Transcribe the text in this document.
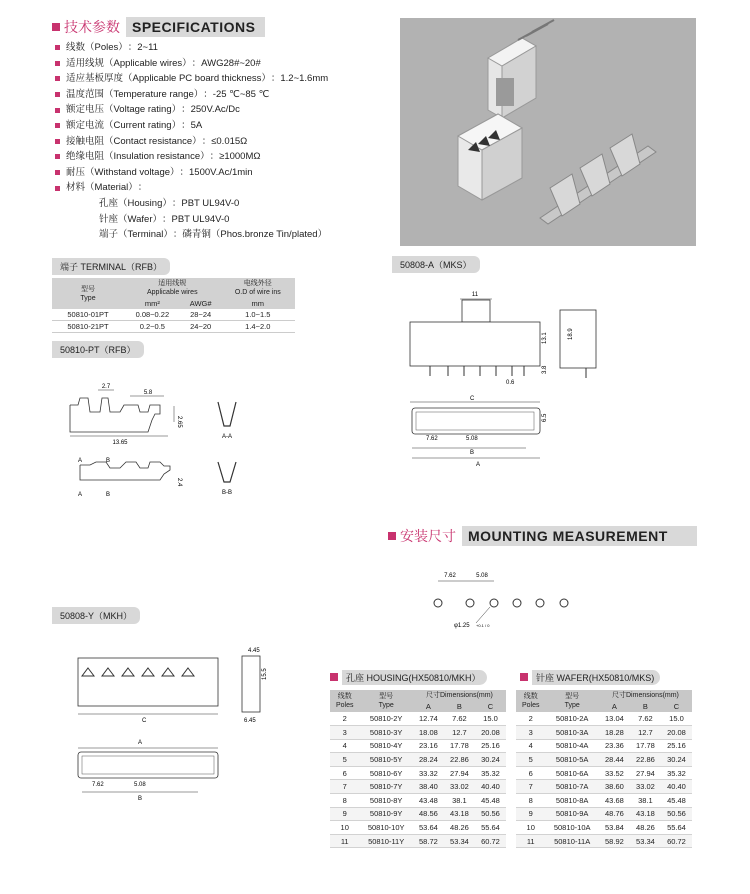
技术参数 SPECIFICATIONS
线数（Poles） ：2~11
适用线规（Applicable wires） ：AWG28#~20#
适应基板厚度（Applicable PC board thickness） ：1.2~1.6mm
温度范围（Temperature range） ：-25 ℃~85 ℃
额定电压（Voltage rating） ：250V.Ac/Dc
额定电流（Current rating） ：5A
接触电阻（Contact resistance） ：≤0.015Ω
绝缘电阻（Insulation resistance） ：≥1000MΩ
耐压（Withstand voltage） ：1500V.Ac/1min
材料（Material） ：
孔座（Housing） ：PBT UL94V-0
针座（Wafer） ：PBT UL94V-0
端子（Terminal） ：磷青铜（Phos.bronze Tin/plated）
端子 TERMINAL（RFB）
型号
Type	适用线规
Applicable wires		电线外径
O.D of wire ins
	mm²	AWG#	mm
50810-01PT	0.08~0.22	28~24	1.0~1.5
50810-21PT	0.2~0.5	24~20	1.4~2.0
50810-PT（RFB）
2.7
5.8
2.65
13.65
A-A
A	B
A	B
2.4
B-B
50808-A（MKS）
11
13.1
3.8
0.6
18.9
C
6.5
7.62	5.08
B
A
安装尺寸 MOUNTING MEASUREMENT
7.62	5.08
φ1.25 +0.1 / 0
50808-Y（MKH）
C
4.45
15.5
6.45
A
7.62	5.08
B
孔座 HOUSING(HX50810/MKH）
线数
Poles	型号
Type	尺寸Dimensions(mm)		
		A	B	C
2	50810-2Y	12.74	7.62	15.0
3	50810-3Y	18.08	12.7	20.08
4	50810-4Y	23.16	17.78	25.16
5	50810-5Y	28.24	22.86	30.24
6	50810-6Y	33.32	27.94	35.32
7	50810-7Y	38.40	33.02	40.40
8	50810-8Y	43.48	38.1	45.48
9	50810-9Y	48.56	43.18	50.56
10	50810-10Y	53.64	48.26	55.64
11	50810-11Y	58.72	53.34	60.72
针座 WAFER(HX50810/MKS)
线数
Poles	型号
Type	尺寸Dimensions(mm)		
		A	B	C
2	50810-2A	13.04	7.62	15.0
3	50810-3A	18.28	12.7	20.08
4	50810-4A	23.36	17.78	25.16
5	50810-5A	28.44	22.86	30.24
6	50810-6A	33.52	27.94	35.32
7	50810-7A	38.60	33.02	40.40
8	50810-8A	43.68	38.1	45.48
9	50810-9A	48.76	43.18	50.56
10	50810-10A	53.84	48.26	55.64
11	50810-11A	58.92	53.34	60.72
